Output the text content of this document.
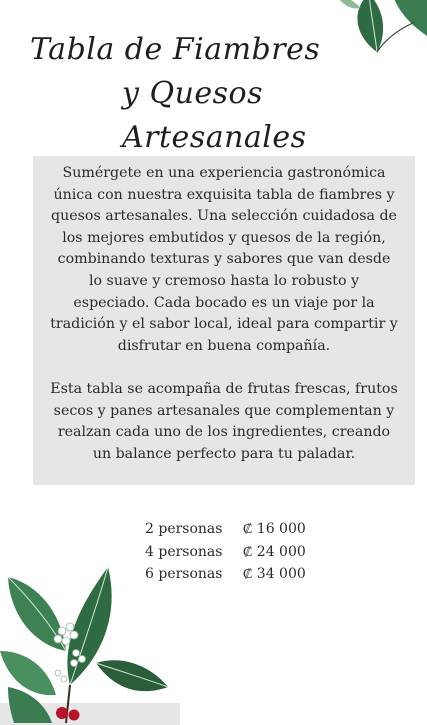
Tabla de Fiambres
y Quesos Artesanales

Sumérgete en una experiencia gastronómica única con nuestra exquisita tabla de fiambres y quesos artesanales. Una selección cuidadosa de los mejores embutidos y quesos de la región, combinando texturas y sabores que van desde lo suave y cremoso hasta lo robusto y especiado. Cada bocado es un viaje por la tradición y el sabor local, ideal para compartir y disfrutar en buena compañía.

Esta tabla se acompaña de frutas frescas, frutos secos y panes artesanales que complementan y realzan cada uno de los ingredientes, creando un balance perfecto para tu paladar.

2 personas	₡ 16 000
4 personas	₡ 24 000
6 personas	₡ 34 000
